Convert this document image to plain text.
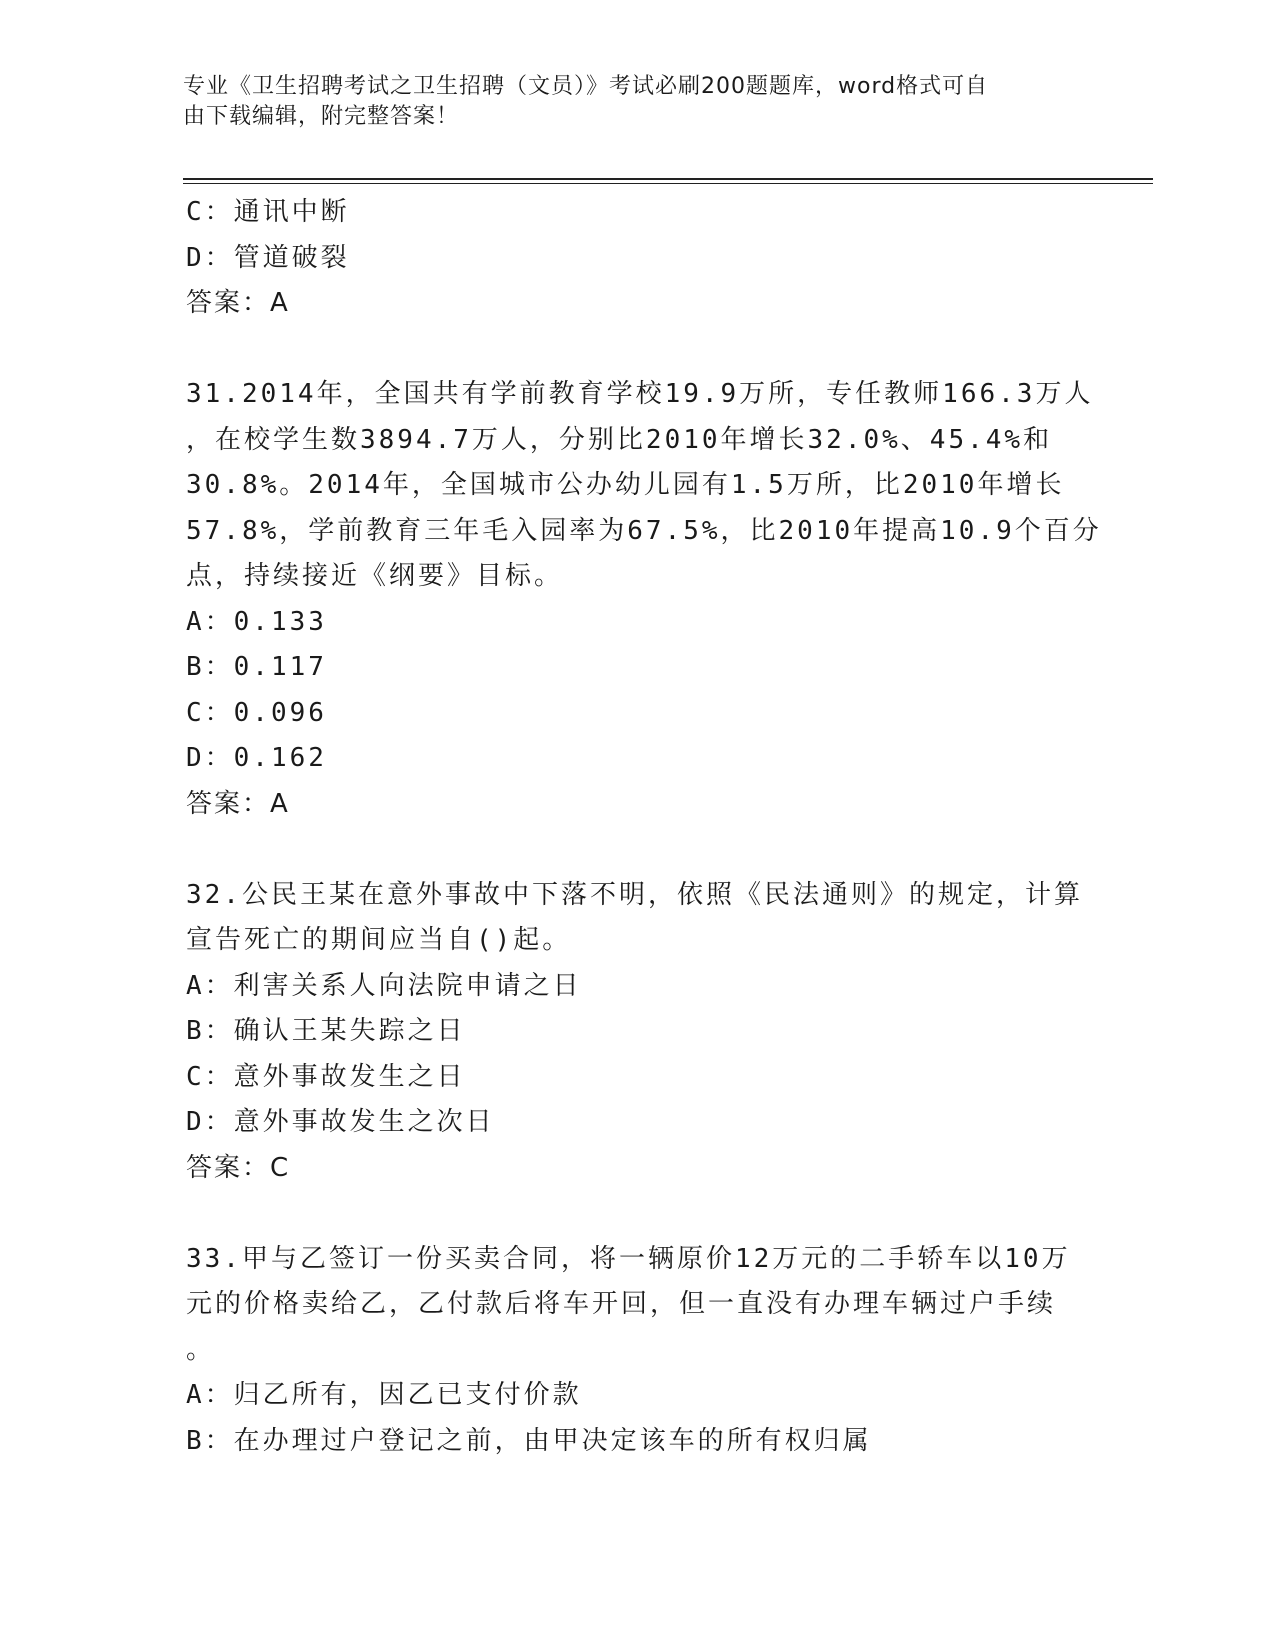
专业《卫生招聘考试之卫生招聘（文员）》考试必刷200题题库，word格式可自
由下载编辑，附完整答案！
C：通讯中断
D：管道破裂
答案：A
31.2014年，全国共有学前教育学校19.9万所，专任教师166.3万人
，在校学生数3894.7万人，分别比2010年增长32.0%、45.4%和
30.8%。2014年，全国城市公办幼儿园有1.5万所，比2010年增长
57.8%，学前教育三年毛入园率为67.5%，比2010年提高10.9个百分
点，持续接近《纲要》目标。
A：0.133
B：0.117
C：0.096
D：0.162
答案：A
32.公民王某在意外事故中下落不明，依照《民法通则》的规定，计算
宣告死亡的期间应当自()起。
A：利害关系人向法院申请之日
B：确认王某失踪之日
C：意外事故发生之日
D：意外事故发生之次日
答案：C
33.甲与乙签订一份买卖合同，将一辆原价12万元的二手轿车以10万
元的价格卖给乙，乙付款后将车开回，但一直没有办理车辆过户手续
。
A：归乙所有，因乙已支付价款
B：在办理过户登记之前，由甲决定该车的所有权归属
